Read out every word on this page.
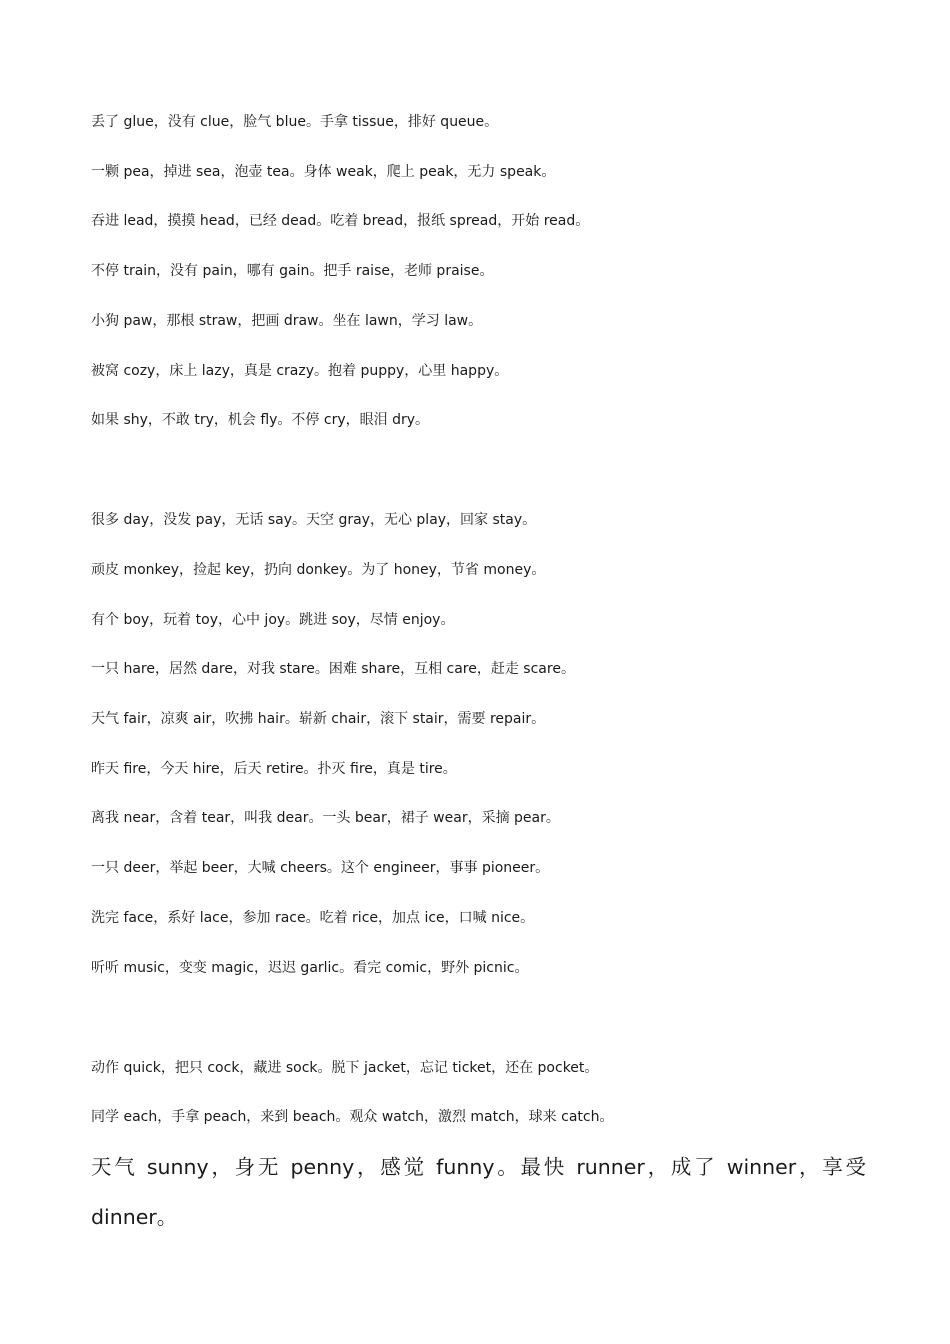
丢了 glue，没有 clue，脸气 blue。手拿 tissue，排好 queue。
一颗 pea，掉进 sea，泡壶 tea。身体 weak，爬上 peak，无力 speak。
吞进 lead，摸摸 head，已经 dead。吃着 bread，报纸 spread，开始 read。
不停 train，没有 pain，哪有 gain。把手 raise，老师 praise。
小狗 paw，那根 straw，把画 draw。坐在 lawn，学习 law。
被窝 cozy，床上 lazy，真是 crazy。抱着 puppy，心里 happy。
如果 shy，不敢 try，机会 fly。不停 cry，眼泪 dry。
很多 day，没发 pay，无话 say。天空 gray，无心 play，回家 stay。
顽皮 monkey，捡起 key，扔向 donkey。为了 honey，节省 money。
有个 boy，玩着 toy，心中 joy。跳进 soy，尽情 enjoy。
一只 hare，居然 dare，对我 stare。困难 share，互相 care，赶走 scare。
天气 fair，凉爽 air，吹拂 hair。崭新 chair，滚下 stair，需要 repair。
昨天 fire，今天 hire，后天 retire。扑灭 fire，真是 tire。
离我 near，含着 tear，叫我 dear。一头 bear，裙子 wear，采摘 pear。
一只 deer，举起 beer，大喊 cheers。这个 engineer，事事 pioneer。
洗完 face，系好 lace，参加 race。吃着 rice，加点 ice，口喊 nice。
听听 music，变变 magic，迟迟 garlic。看完 comic，野外 picnic。
动作 quick，把只 cock，藏进 sock。脱下 jacket，忘记 ticket，还在 pocket。
同学 each，手拿 peach，来到 beach。观众 watch，激烈 match，球来 catch。
天气 sunny，身无 penny，感觉 funny。最快 runner，成了 winner，享受 dinner。
